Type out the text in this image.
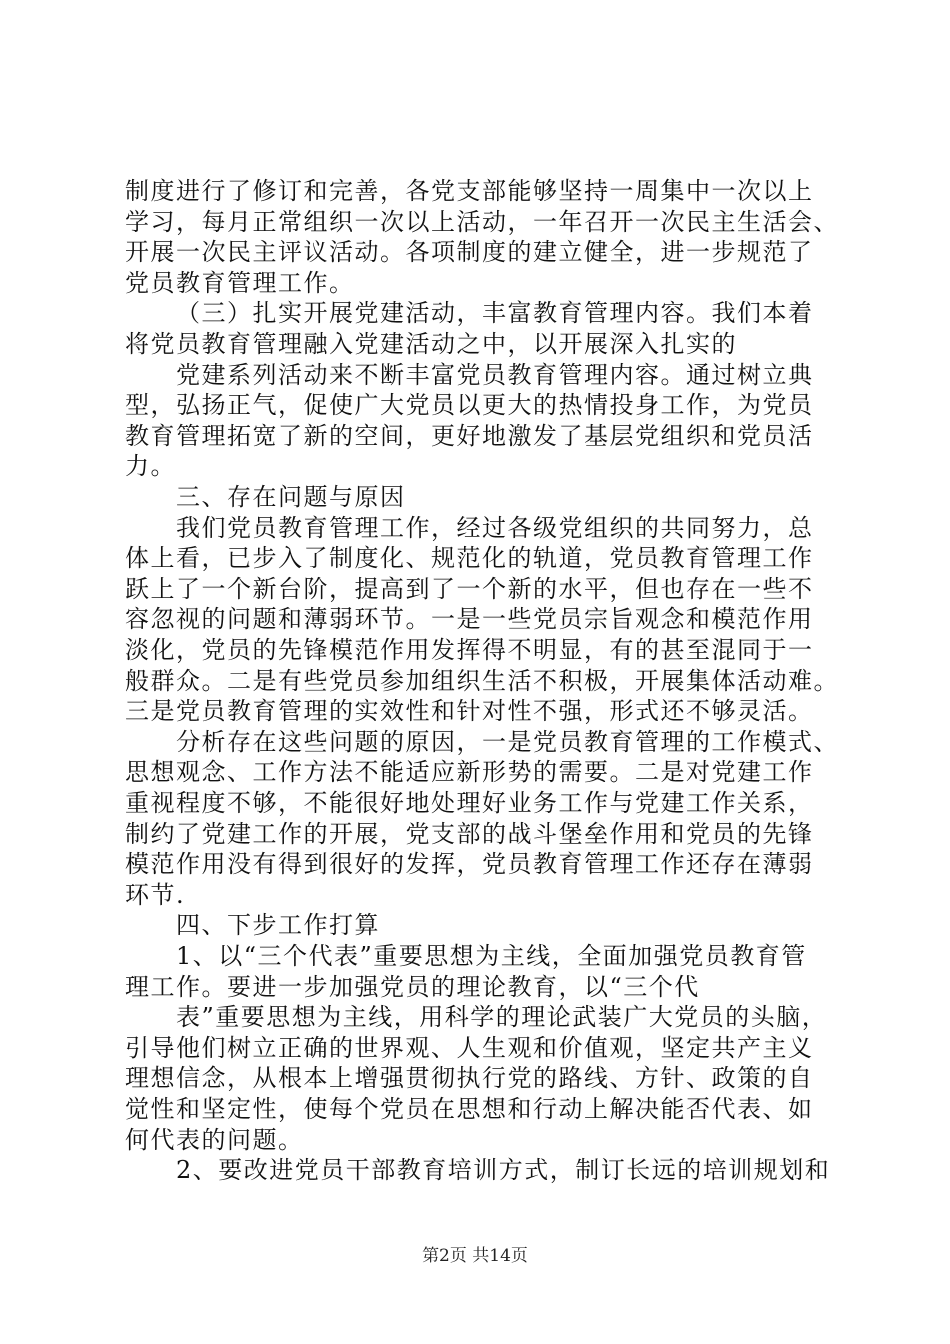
制度进行了修订和完善，各党支部能够坚持一周集中一次以上
学习，每月正常组织一次以上活动，一年召开一次民主生活会、
开展一次民主评议活动。各项制度的建立健全，进一步规范了
党员教育管理工作。
（三）扎实开展党建活动，丰富教育管理内容。我们本着
将党员教育管理融入党建活动之中，以开展深入扎实的
党建系列活动来不断丰富党员教育管理内容。通过树立典
型，弘扬正气，促使广大党员以更大的热情投身工作，为党员
教育管理拓宽了新的空间，更好地激发了基层党组织和党员活
力。
三、存在问题与原因
我们党员教育管理工作，经过各级党组织的共同努力，总
体上看，已步入了制度化、规范化的轨道，党员教育管理工作
跃上了一个新台阶，提高到了一个新的水平，但也存在一些不
容忽视的问题和薄弱环节。一是一些党员宗旨观念和模范作用
淡化，党员的先锋模范作用发挥得不明显，有的甚至混同于一
般群众。二是有些党员参加组织生活不积极，开展集体活动难。
三是党员教育管理的实效性和针对性不强，形式还不够灵活。
分析存在这些问题的原因，一是党员教育管理的工作模式、
思想观念、工作方法不能适应新形势的需要。二是对党建工作
重视程度不够，不能很好地处理好业务工作与党建工作关系，
制约了党建工作的开展，党支部的战斗堡垒作用和党员的先锋
模范作用没有得到很好的发挥，党员教育管理工作还存在薄弱
环节.
四、下步工作打算
1、以“三个代表”重要思想为主线，全面加强党员教育管
理工作。要进一步加强党员的理论教育，以“三个代
表”重要思想为主线，用科学的理论武装广大党员的头脑，
引导他们树立正确的世界观、人生观和价值观，坚定共产主义
理想信念，从根本上增强贯彻执行党的路线、方针、政策的自
觉性和坚定性，使每个党员在思想和行动上解决能否代表、如
何代表的问题。
2、要改进党员干部教育培训方式，制订长远的培训规划和
第2页 共14页
